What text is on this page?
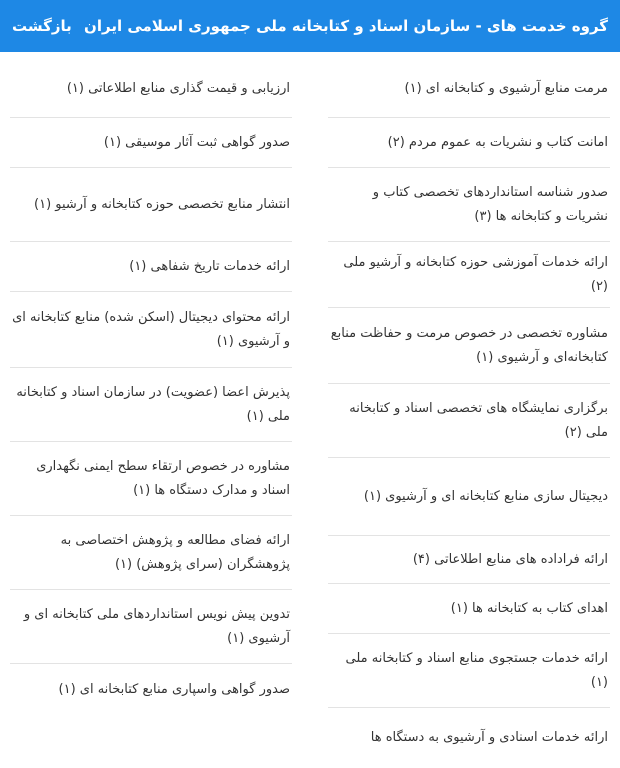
گروه خدمت های - سازمان اسناد و کتابخانه ملی جمهوری اسلامی ایران
بازگشت
مرمت منابع آرشیوی و کتابخانه ای (۱)
امانت کتاب و نشریات به عموم مردم (۲)
صدور شناسه استانداردهای تخصصی کتاب و نشریات و کتابخانه ها (۳)
ارائه خدمات آموزشی حوزه کتابخانه و آرشیو ملی (۲)
مشاوره تخصصی در خصوص مرمت و حفاظت منابع کتابخانه‌ای و آرشیوی (۱)
برگزاری نمایشگاه های تخصصی اسناد و کتابخانه ملی (۲)
دیجیتال سازی منابع کتابخانه ای و آرشیوی (۱)
ارائه فراداده های منابع اطلاعاتی (۴)
اهدای کتاب به کتابخانه ها (۱)
ارائه خدمات جستجوی منابع اسناد و کتابخانه ملی (۱)
ارائه خدمات اسنادی و آرشیوی به دستگاه ها
ارزیابی و قیمت گذاری منابع اطلاعاتی (۱)
صدور گواهی ثبت آثار موسیقی (۱)
انتشار منابع تخصصی حوزه کتابخانه و آرشیو (۱)
ارائه خدمات تاریخ شفاهی (۱)
ارائه محتوای دیجیتال (اسکن شده) منابع کتابخانه ای و آرشیوی (۱)
پذیرش اعضا (عضویت) در سازمان اسناد و کتابخانه ملی (۱)
مشاوره در خصوص ارتقاء سطح ایمنی نگهداری اسناد و مدارک دستگاه ها (۱)
ارائه فضای مطالعه و پژوهش اختصاصی به پژوهشگران (سرای پژوهش) (۱)
تدوین پیش نویس استانداردهای ملی کتابخانه ای و آرشیوی (۱)
صدور گواهی واسپاری منابع کتابخانه ای (۱)
